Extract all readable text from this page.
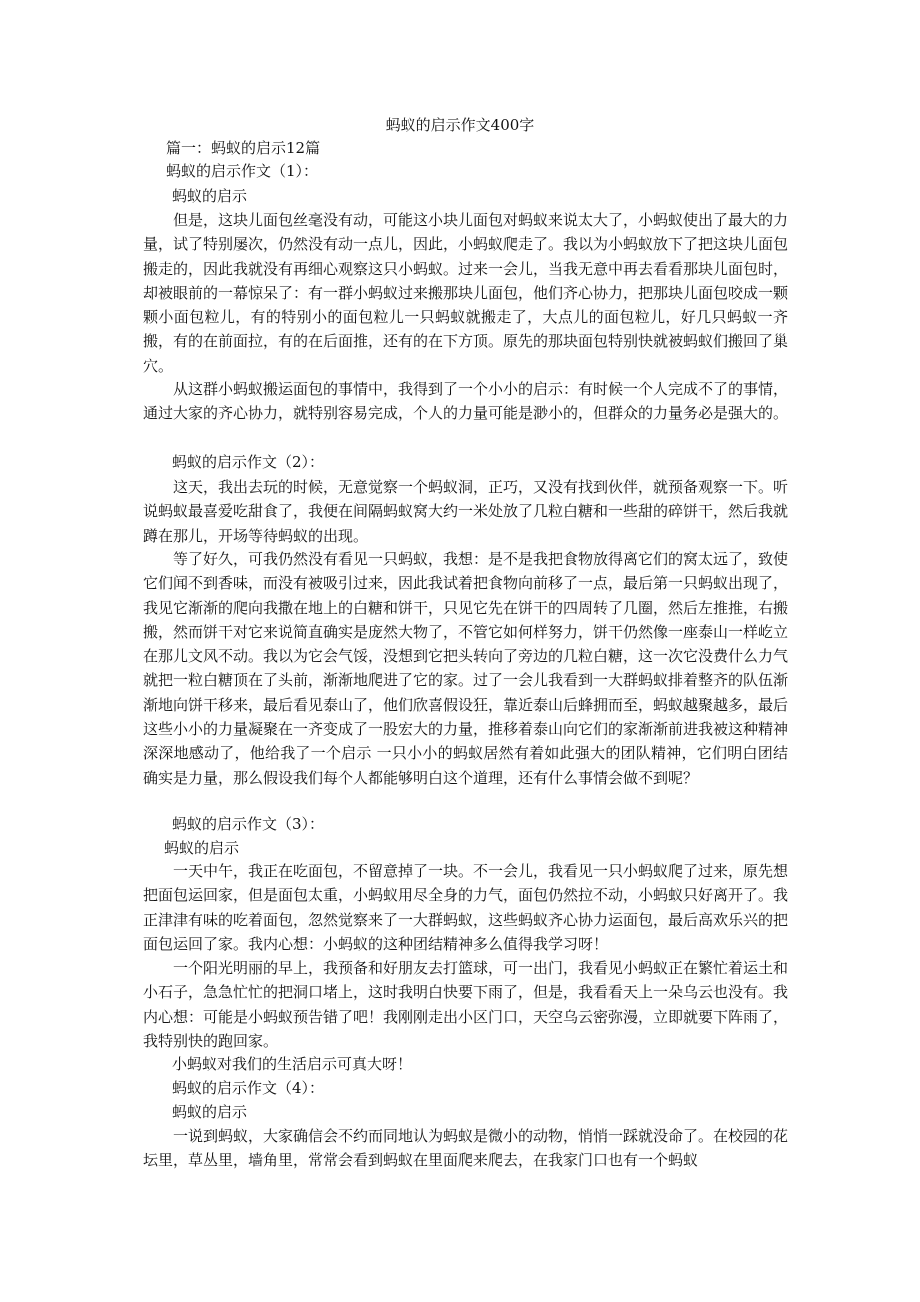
蚂蚁的启示作文400字
篇一：蚂蚁的启示12篇
蚂蚁的启示作文（1）：
蚂蚁的启示
但是，这块儿面包丝毫没有动，可能这小块儿面包对蚂蚁来说太大了，小蚂蚁使出了最大的力量，试了特别屡次，仍然没有动一点儿，因此，小蚂蚁爬走了。我以为小蚂蚁放下了把这块儿面包搬走的，因此我就没有再细心观察这只小蚂蚁。过来一会儿，当我无意中再去看看那块儿面包时，却被眼前的一幕惊呆了：有一群小蚂蚁过来搬那块儿面包，他们齐心协力，把那块儿面包咬成一颗颗小面包粒儿，有的特别小的面包粒儿一只蚂蚁就搬走了，大点儿的面包粒儿，好几只蚂蚁一齐搬，有的在前面拉，有的在后面推，还有的在下方顶。原先的那块面包特别快就被蚂蚁们搬回了巢穴。
从这群小蚂蚁搬运面包的事情中，我得到了一个小小的启示：有时候一个人完成不了的事情，通过大家的齐心协力，就特别容易完成，个人的力量可能是渺小的，但群众的力量务必是强大的。
蚂蚁的启示作文（2）：
这天，我出去玩的时候，无意觉察一个蚂蚁洞，正巧，又没有找到伙伴，就预备观察一下。听说蚂蚁最喜爱吃甜食了，我便在间隔蚂蚁窝大约一米处放了几粒白糖和一些甜的碎饼干，然后我就蹲在那儿，开场等待蚂蚁的出现。
等了好久，可我仍然没有看见一只蚂蚁，我想：是不是我把食物放得离它们的窝太远了，致使它们闻不到香味，而没有被吸引过来，因此我试着把食物向前移了一点，最后第一只蚂蚁出现了，我见它渐渐的爬向我撒在地上的白糖和饼干，只见它先在饼干的四周转了几圈，然后左推推，右搬搬，然而饼干对它来说简直确实是庞然大物了，不管它如何样努力，饼干仍然像一座泰山一样屹立在那儿文风不动。我以为它会气馁，没想到它把头转向了旁边的几粒白糖，这一次它没费什么力气就把一粒白糖顶在了头前，渐渐地爬进了它的家。过了一会儿我看到一大群蚂蚁排着整齐的队伍渐渐地向饼干移来，最后看见泰山了，他们欣喜假设狂，靠近泰山后蜂拥而至，蚂蚁越聚越多，最后这些小小的力量凝聚在一齐变成了一股宏大的力量，推移着泰山向它们的家渐渐前进我被这种精神深深地感动了，他给我了一个启示 一只小小的蚂蚁居然有着如此强大的团队精神，它们明白团结确实是力量，那么假设我们每个人都能够明白这个道理，还有什么事情会做不到呢？
蚂蚁的启示作文（3）：
蚂蚁的启示
一天中午，我正在吃面包，不留意掉了一块。不一会儿，我看见一只小蚂蚁爬了过来，原先想把面包运回家，但是面包太重，小蚂蚁用尽全身的力气，面包仍然拉不动，小蚂蚁只好离开了。我正津津有味的吃着面包，忽然觉察来了一大群蚂蚁，这些蚂蚁齐心协力运面包，最后高欢乐兴的把面包运回了家。我内心想：小蚂蚁的这种团结精神多么值得我学习呀！
一个阳光明丽的早上，我预备和好朋友去打篮球，可一出门，我看见小蚂蚁正在繁忙着运土和小石子，急急忙忙的把洞口堵上，这时我明白快要下雨了，但是，我看看天上一朵乌云也没有。我内心想：可能是小蚂蚁预告错了吧！我刚刚走出小区门口，天空乌云密弥漫，立即就要下阵雨了，我特别快的跑回家。
小蚂蚁对我们的生活启示可真大呀！
蚂蚁的启示作文（4）：
蚂蚁的启示
一说到蚂蚁，大家确信会不约而同地认为蚂蚁是微小的动物，悄悄一踩就没命了。在校园的花坛里，草丛里，墙角里，常常会看到蚂蚁在里面爬来爬去，在我家门口也有一个蚂蚁
